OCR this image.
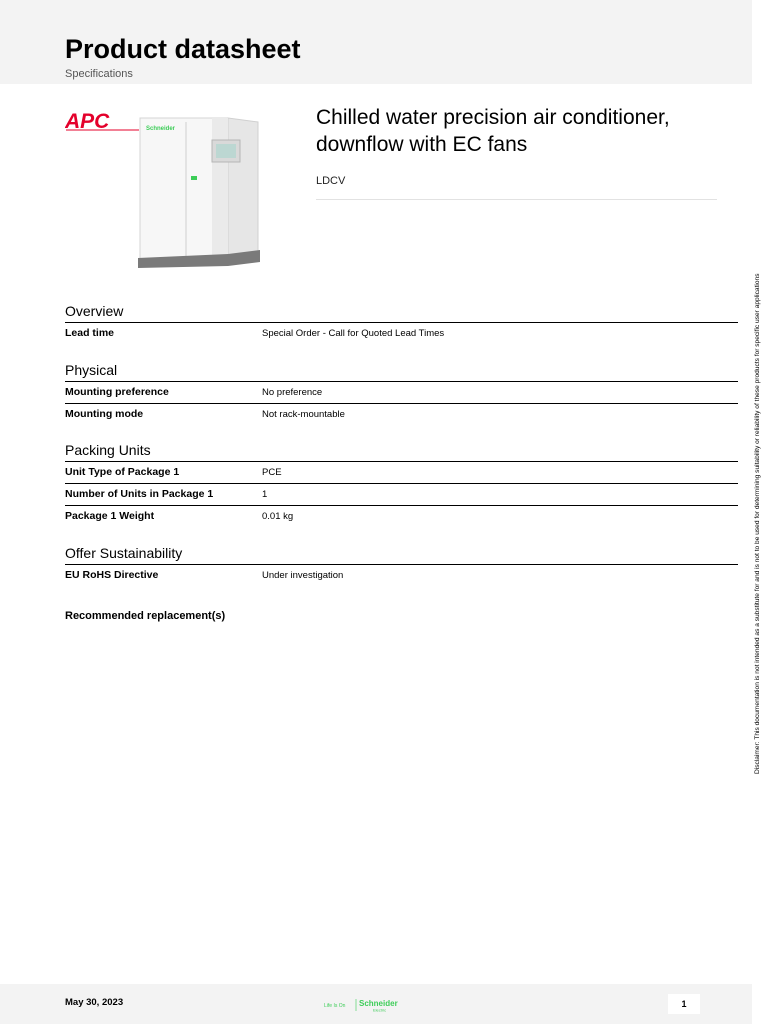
Product datasheet
Specifications
APC	Schneider	Chilled water precision air conditioner, downflow with EC fans
LDCV
Overview
Lead time	Special Order - Call for Quoted Lead Times
Physical
Mounting preference	No preference
Mounting mode	Not rack-mountable
Packing Units
Unit Type of Package 1	PCE
Number of Units in Package 1	1
Package 1 Weight	0.01 kg
Offer Sustainability
EU RoHS Directive	Under investigation
Recommended replacement(s)	Disclaimer: This documentation is not intended as a substitute for and is not to be used for determining suitability or reliability of these products for specific user applications
May 30, 2023	Life Is On Schneider
Electric
1
